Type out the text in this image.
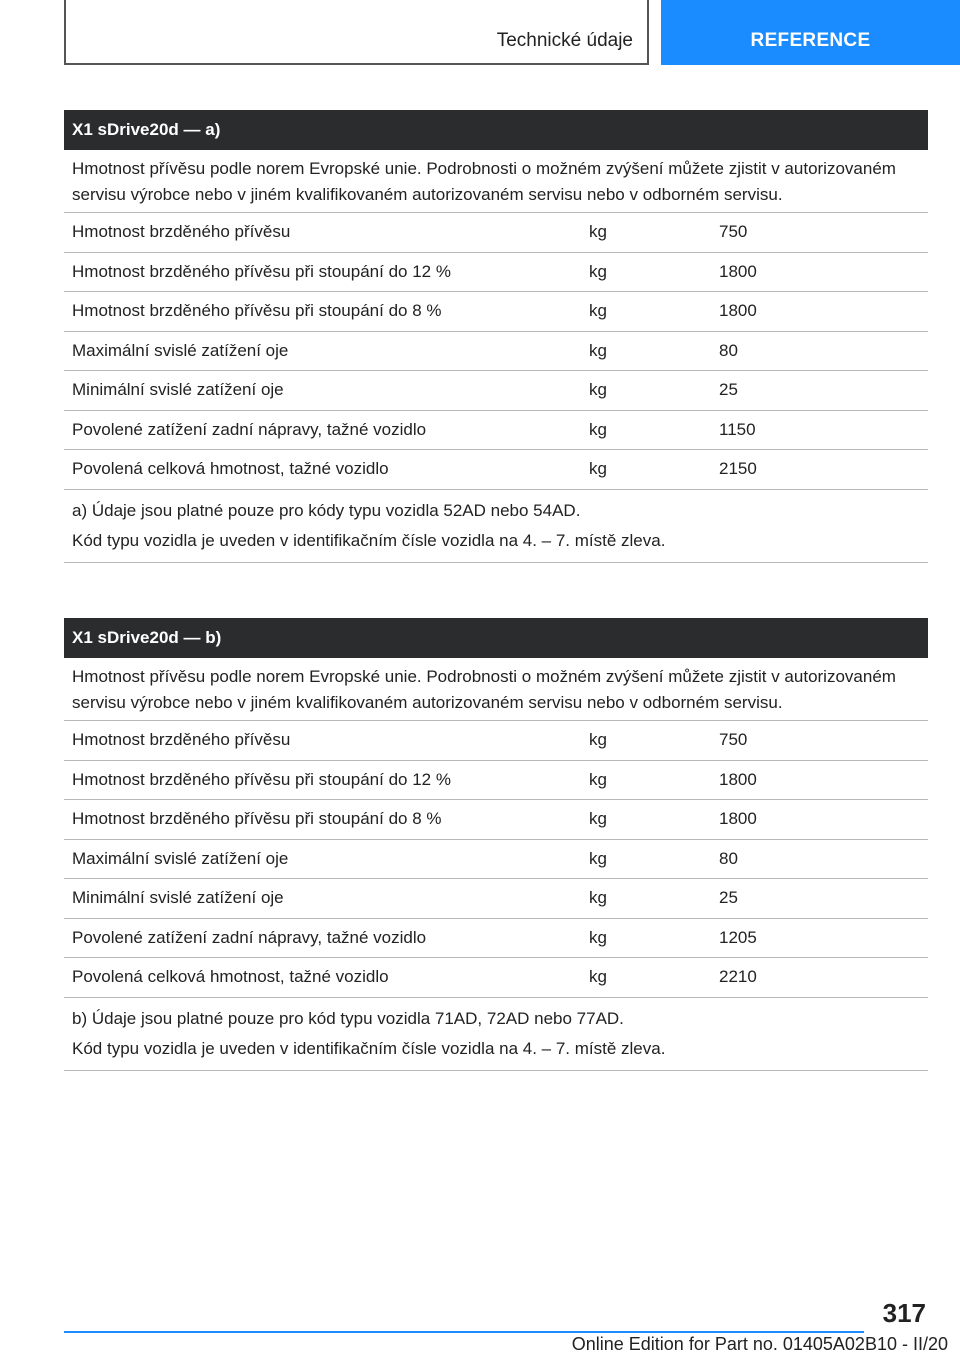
Technické údaje	REFERENCE
X1 sDrive20d — a)
Hmotnost přívěsu podle norem Evropské unie. Podrobnosti o možném zvýšení můžete zjistit v autorizovaném servisu výrobce nebo v jiném kvalifikovaném autorizovaném servisu nebo v odborném servisu.
Hmotnost brzděného přívěsu	kg	750
Hmotnost brzděného přívěsu při stoupání do 12 %	kg	1800
Hmotnost brzděného přívěsu při stoupání do 8 %	kg	1800
Maximální svislé zatížení oje	kg	80
Minimální svislé zatížení oje	kg	25
Povolené zatížení zadní nápravy, tažné vozidlo	kg	1150
Povolená celková hmotnost, tažné vozidlo	kg	2150
a) Údaje jsou platné pouze pro kódy typu vozidla 52AD nebo 54AD.
Kód typu vozidla je uveden v identifikačním čísle vozidla na 4. – 7. místě zleva.
X1 sDrive20d — b)
Hmotnost přívěsu podle norem Evropské unie. Podrobnosti o možném zvýšení můžete zjistit v autorizovaném servisu výrobce nebo v jiném kvalifikovaném autorizovaném servisu nebo v odborném servisu.
Hmotnost brzděného přívěsu	kg	750
Hmotnost brzděného přívěsu při stoupání do 12 %	kg	1800
Hmotnost brzděného přívěsu při stoupání do 8 %	kg	1800
Maximální svislé zatížení oje	kg	80
Minimální svislé zatížení oje	kg	25
Povolené zatížení zadní nápravy, tažné vozidlo	kg	1205
Povolená celková hmotnost, tažné vozidlo	kg	2210
b) Údaje jsou platné pouze pro kód typu vozidla 71AD, 72AD nebo 77AD.
Kód typu vozidla je uveden v identifikačním čísle vozidla na 4. – 7. místě zleva.
317
Online Edition for Part no. 01405A02B10 - II/20
